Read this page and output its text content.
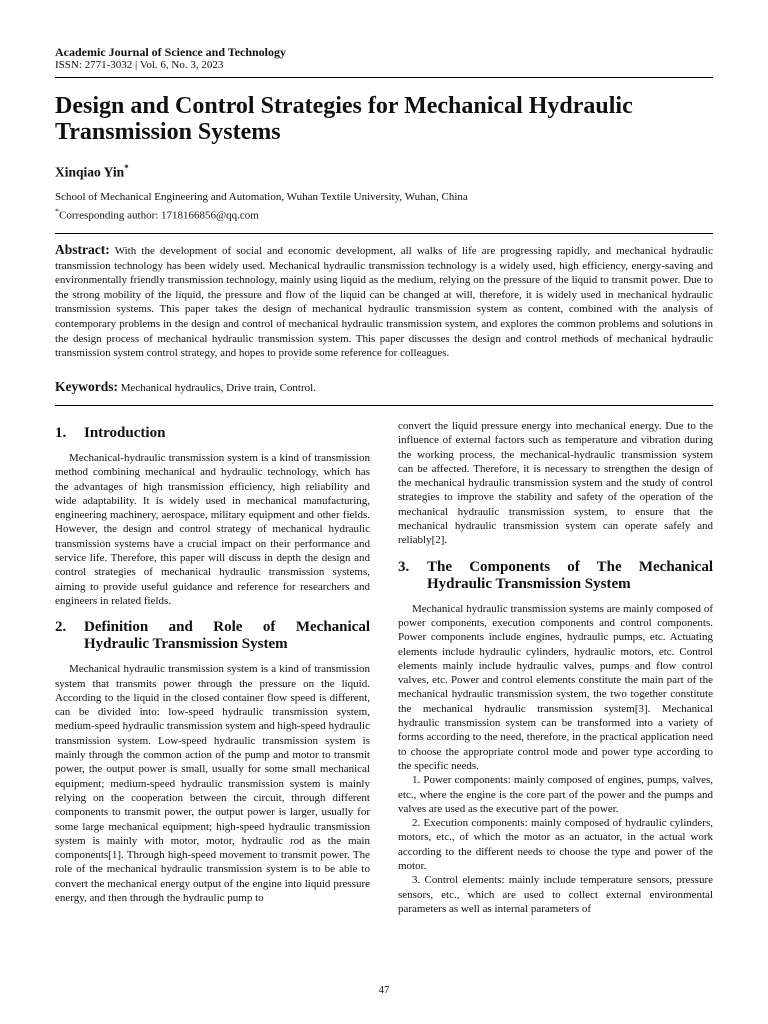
Academic Journal of Science and Technology
ISSN: 2771-3032 | Vol. 6, No. 3, 2023
Design and Control Strategies for Mechanical Hydraulic Transmission Systems
Xinqiao Yin*
School of Mechanical Engineering and Automation, Wuhan Textile University, Wuhan, China
*Corresponding author: 1718166856@qq.com
Abstract: With the development of social and economic development, all walks of life are progressing rapidly, and mechanical hydraulic transmission technology has been widely used. Mechanical hydraulic transmission technology is a widely used, high efficiency, energy-saving and environmentally friendly transmission technology, mainly using liquid as the medium, relying on the pressure of the liquid to transmit power. Due to the strong mobility of the liquid, the pressure and flow of the liquid can be changed at will, therefore, it is widely used in mechanical hydraulic transmission systems. This paper takes the design of mechanical hydraulic transmission system as content, combined with the analysis of contemporary problems in the design and control of mechanical hydraulic transmission system, and explores the common problems and solutions in the design process of mechanical hydraulic transmission system. This paper discusses the design and control methods of mechanical hydraulic transmission system control strategy, and hopes to provide some reference for colleagues.
Keywords: Mechanical hydraulics, Drive train, Control.
1.	Introduction

Mechanical-hydraulic transmission system is a kind of transmission method combining mechanical and hydraulic technology, which has the advantages of high transmission efficiency, high reliability and wide adaptability. It is widely used in mechanical manufacturing, engineering machinery, aerospace, military equipment and other fields. However, the design and control strategy of mechanical hydraulic transmission systems have a crucial impact on their performance and service life. Therefore, this paper will discuss in depth the design and control strategies of mechanical hydraulic transmission systems, aiming to provide useful guidance and reference for researchers and engineers in related fields.

2.	Definition and Role of Mechanical Hydraulic Transmission System

Mechanical hydraulic transmission system is a kind of transmission system that transmits power through the pressure on the liquid. According to the liquid in the closed container flow speed is different, can be divided into: low-speed hydraulic transmission system, medium-speed hydraulic transmission system and high-speed hydraulic transmission system. Low-speed hydraulic transmission system is mainly through the common action of the pump and motor to transmit power, the output power is small, usually for some small mechanical equipment; medium-speed hydraulic transmission system is mainly relying on the cooperation between the circuit, through different components to transmit power, the output power is larger, usually for some large mechanical equipment; high-speed hydraulic transmission system is mainly with motor, motor, hydraulic rod as the main components[1]. Through high-speed movement to transmit power. The role of the mechanical hydraulic transmission system is to be able to convert the mechanical energy output of the engine into liquid pressure energy, and then through the hydraulic pump to

convert the liquid pressure energy into mechanical energy. Due to the influence of external factors such as temperature and vibration during the working process, the mechanical-hydraulic transmission system can be affected. Therefore, it is necessary to strengthen the design of the mechanical hydraulic transmission system and the study of control strategies to improve the stability and safety of the operation of the mechanical hydraulic transmission system, to ensure that the mechanical hydraulic transmission system can operate safely and reliably[2].

3.	The Components of The Mechanical Hydraulic Transmission System

Mechanical hydraulic transmission systems are mainly composed of power components, execution components and control components. Power components include engines, hydraulic pumps, etc. Actuating elements include hydraulic cylinders, hydraulic motors, etc. Control elements mainly include hydraulic valves, pumps and flow control valves, etc. Power and control elements constitute the main part of the mechanical hydraulic transmission system, the two together constitute the mechanical hydraulic transmission system[3]. Mechanical hydraulic transmission system can be transformed into a variety of forms according to the need, therefore, in the practical application need to choose the appropriate control mode and power type according to the specific needs.

1. Power components: mainly composed of engines, pumps, valves, etc., where the engine is the core part of the power and the pumps and valves are used as the executive part of the power.

2. Execution components: mainly composed of hydraulic cylinders, motors, etc., of which the motor as an actuator, in the actual work according to the different needs to choose the type and power of the motor.

3. Control elements: mainly include temperature sensors, pressure sensors, etc., which are used to collect external environmental parameters as well as internal parameters of

47
